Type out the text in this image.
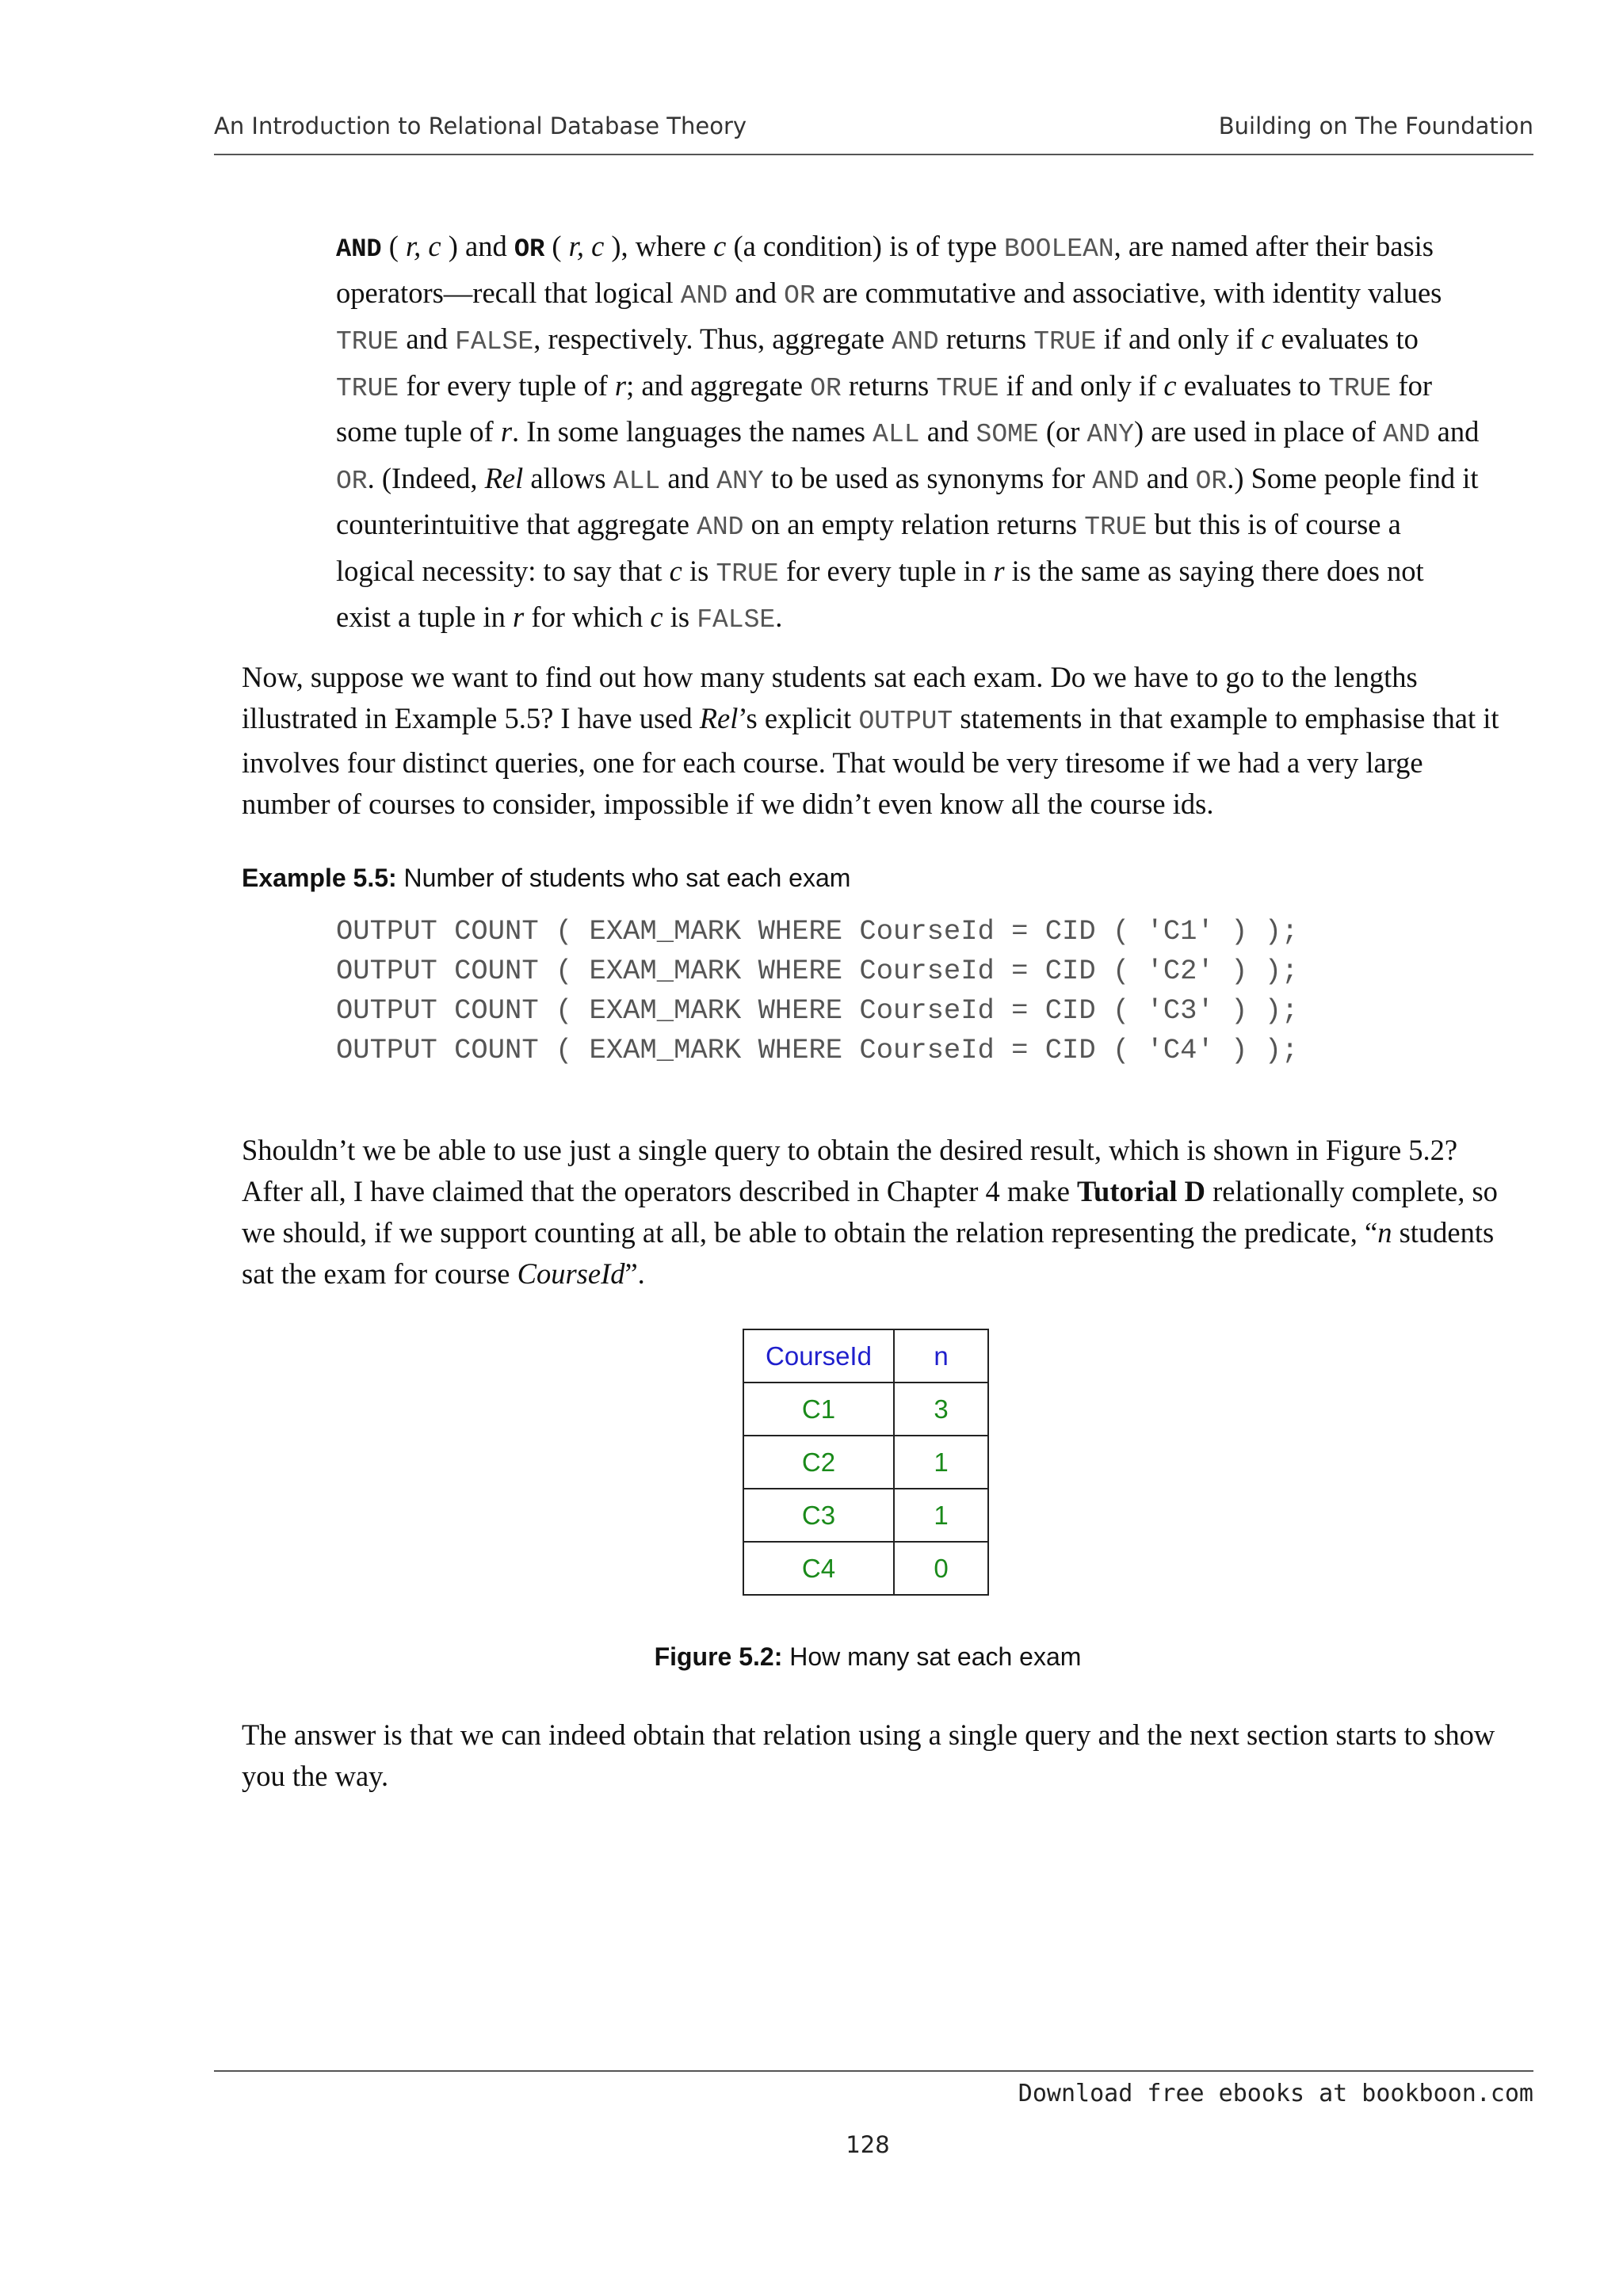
An Introduction to Relational Database Theory	Building on The Foundation

AND ( r, c ) and OR ( r, c ), where c (a condition) is of type BOOLEAN, are named after their basis operators—recall that logical AND and OR are commutative and associative, with identity values TRUE and FALSE, respectively. Thus, aggregate AND returns TRUE if and only if c evaluates to TRUE for every tuple of r; and aggregate OR returns TRUE if and only if c evaluates to TRUE for some tuple of r. In some languages the names ALL and SOME (or ANY) are used in place of AND and OR. (Indeed, Rel allows ALL and ANY to be used as synonyms for AND and OR.) Some people find it counterintuitive that aggregate AND on an empty relation returns TRUE but this is of course a logical necessity: to say that c is TRUE for every tuple in r is the same as saying there does not exist a tuple in r for which c is FALSE.

Now, suppose we want to find out how many students sat each exam. Do we have to go to the lengths illustrated in Example 5.5? I have used Rel’s explicit OUTPUT statements in that example to emphasise that it involves four distinct queries, one for each course. That would be very tiresome if we had a very large number of courses to consider, impossible if we didn’t even know all the course ids.

Example 5.5: Number of students who sat each exam
OUTPUT COUNT ( EXAM_MARK WHERE CourseId = CID ( 'C1' ) );
OUTPUT COUNT ( EXAM_MARK WHERE CourseId = CID ( 'C2' ) );
OUTPUT COUNT ( EXAM_MARK WHERE CourseId = CID ( 'C3' ) );
OUTPUT COUNT ( EXAM_MARK WHERE CourseId = CID ( 'C4' ) );

Shouldn’t we be able to use just a single query to obtain the desired result, which is shown in Figure 5.2? After all, I have claimed that the operators described in Chapter 4 make Tutorial D relationally complete, so we should, if we support counting at all, be able to obtain the relation representing the predicate, “n students sat the exam for course CourseId”.

CourseId	n
C1	3
C2	1
C3	1
C4	0
Figure 5.2: How many sat each exam

The answer is that we can indeed obtain that relation using a single query and the next section starts to show you the way.

Download free ebooks at bookboon.com
128
